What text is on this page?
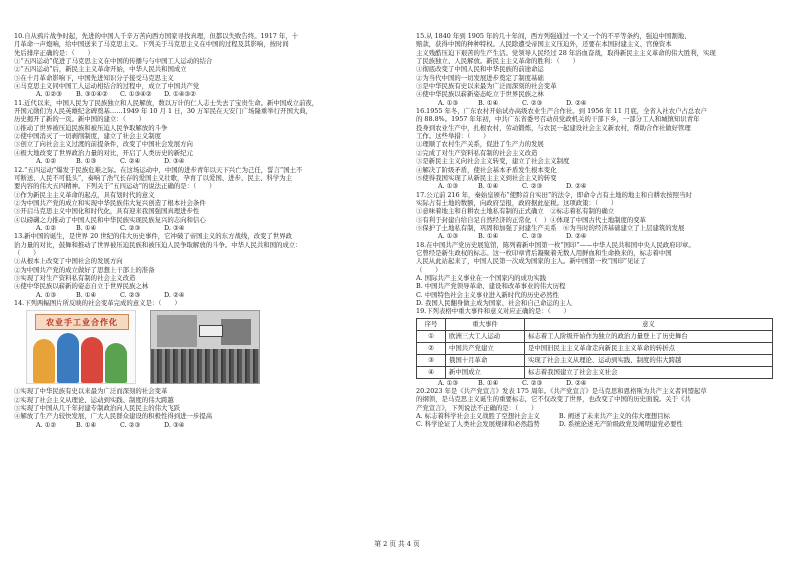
10.自从鸦片战争时起，先进的中国人千辛万苦向西方国家寻找真理，但都以失败告终。1917 年，十
月革命一声炮响，给中国送来了马克思主义。下列关于马克思主义在中国的过程及其影响，按时间
先后排序正确的是：（　　）
①“五四运动”促进了马克思主义在中国的传播与与中国工人运动的结合
②“五四运动”后，新民主主义革命开始，中华人民共和国成立
③在十月革命影响下，中国先进知识分子接受马克思主义
④马克思主义同中国工人运动相结合的过程中，成立了中国共产党
A. ①②③	B. ③①④②	C. ①③④②	D. ①④③②
11.近代以来，中国人民为了民族独立和人民解放，数以万计的仁人志士失去了宝贵生命。新中国成立前夜，
开国元勋们为人民英雄纪念碑奠基……1949 年 10 月 1 日，30 万军民在天安门广场隆重举行开国大典，
历史揭开了新的一页。新中国的建立：（　　）
①推动了世界被压迫民族和被压迫人民争取解放的斗争
②使中国消灭了一切剥削制度，建立了社会主义制度
③创立了向社会主义过渡的前提条件，改变了中国社会发展方向
④极大地改变了世界政治力量的对比，开启了人类历史的新纪元
A. ①②	B. ①③	C. ②④	D. ③④
12.“五四运动”爆发于民族危难之际。在这场运动中，中国的进步青年以天下兴亡为己任，誓言“国土不
可断送、人民不可低头”，奏响了浩气长存的爱国主义壮歌，孕育了以爱国、进步、民主、科学为主
要内容的伟大五四精神。下列关于“五四运动”的说法正确的是：（　　）
①作为新民主主义革命的起点，具有划时代的意义
②为中国共产党的成立和实现中华民族伟大复兴创造了根本社会条件
③开启马克思主义中国化和时代化，具有迎来我国强国真理进步性
④以磅礴之力推动了中国人民和中华民族实现民族复兴的志向和信心
A. ①②	B. ①④	C. ②③	D. ③④
13.新中国的诞生，是世界 20 世纪的伟大历史事件，它冲破了帝国主义的东方战线，改变了世界政
治力量的对比，鼓舞和推动了世界被压迫民族和被压迫人民争取解放的斗争。中华人民共和国的成立：
（　　）
①从根本上改变了中国社会的发展方向
②为中国共产党的成立做好了思想上干部上的准备
③实现了对生产资料私有制的社会主义改造
④使中华民族以崭新的姿态自立于世界民族之林
A. ①③	B. ①④	C. ②③	D. ②④
14.下列两幅图片所反映的社会变革完成的意义是：（　　）
农业手工业合作化
①实现了中华民族有史以来最为广泛而深刻的社会变革
②实现了社会主义从理论、运动到实践、制度的伟大跨越
③实现了中国从几千年封建专制政治向人民民主的伟大飞跃
④解放了生产力较快发展，广大人民群众建设的积极性得到进一步提高
A. ①②	B. ①④	C. ②③	D. ③④
15.从 1840 年到 1905 年的几十年间，西方列强通过一个又一个的不平等条约，强迫中国割地、
赔款，获得中国的种种特权。人民除遭受帝国主义压迫外，还要在本国封建主义、官僚资本
主义残酷压迫下艰苦的生产生活。党领导人民经过 28 年浴血奋战，取得新民主主义革命的伟大胜利，实现
了民族独立、人民解放。新民主主义革命的胜利：（　　）
①彻底改变了中国人民和中华民族的前途命运
②为当代中国的一切发展进步奠定了制度基础
③是中华民族有史以来最为广泛而深刻的社会变革
④使中华民族以崭新姿态屹立于世界民族之林
A. ①③	B. ①④	C. ②③	D. ②④
16.1955 年冬，广东农村开始试办高级农业生产合作社。到 1956 年 11 月底，全省入社农户占总农户
的 88.8%。1957 年年初，中共广东省委号召动员党政机关的干部下乡，一部分工人和城镇知识青年
投身到农业生产中，扎根农村，劳动锻炼，与农民一起建设社会主义新农村，帮助合作社做好管理
工作。这些举措：（　　）
①理顺了农村生产关系，促进了生产力的发展
②完成了对生产资料私有制的社会主义改造
③是新民主主义向社会主义转变，建立了社会主义制度
④解决了阶级矛盾，使社会基本矛盾发生根本变化
⑤使得我国实现了从新民主主义到社会主义的转变
A. ①③	B. ①④	C. ②③	D. ②④
17.公元前 216 年，秦始皇颁布“使黔首自实田”的法令，即命令占有土地的地主和自耕农按照当时
实际占有土地的数额，向政府呈报，政府据此征税。这项政策：（　　）
①意味着地主和自耕农土地私有制的正式确立　②标志着私有制的确立
③有利于封建自给自足自然经济的正常化（　）④体现了中国古代土地制度的变革
⑤保护了土地私有制，巩固和加强了封建生产关系　⑥为当时的经济基础建立了上层建筑的发展
A. ①③	B. ①④	C. ②③	D. ②④
18.在中国共产党历史展览馆，陈列着新中国第一枚“国印”——中华人民共和国中央人民政府印章。
它曾经是新生政权的标志。这一枚印章背后凝聚着无数人用鲜血和生命换来的，标志着中国
人民从此站起来了，中国人民第一次成为国家的主人。新中国第一枚“国印”见证了
（　　）
A. 国际共产主义事业在一个国家内的成功实践
B. 中国共产党领导革命、建设和改革事业的伟大历程
C. 中国特色社会主义事业进入新时代的历史必然性
D. 我国人民翻身做主成为国家、社会和自己命运的主人
19.下列表格中重大事件和意义对应正确的是：（　　）
序号	重大事件	意义
①	欧洲三大工人运动	标志着工人阶级开始作为独立的政治力量登上了历史舞台
②	中国共产党建立	是中国旧民主主义革命走向新民主主义革命的转折点
③	俄国十月革命	实现了社会主义从理论、运动到实践、制度的伟大跨越
④	新中国成立	标志着我国建立了社会主义社会
A. ①③	B. ①④	C. ②③	D. ②④
20.2023 年是《共产党宣言》发表 175 周年。《共产党宣言》是马克思和恩格斯为共产主义者同盟起草
的纲领，是马克思主义诞生的重要标志，它不仅改变了世界，也改变了中国的历史面貌。关于《共
产党宣言》，下列说法不正确的是：（　　）
A. 标志着科学社会主义战胜了空想社会主义　　　B. 阐述了未来共产主义的伟大理想目标
C. 科学论证了人类社会发展规律和必然趋势　　　D. 系统论述无产阶级政党及阐明建党必要性
第 2 页 共 4 页
